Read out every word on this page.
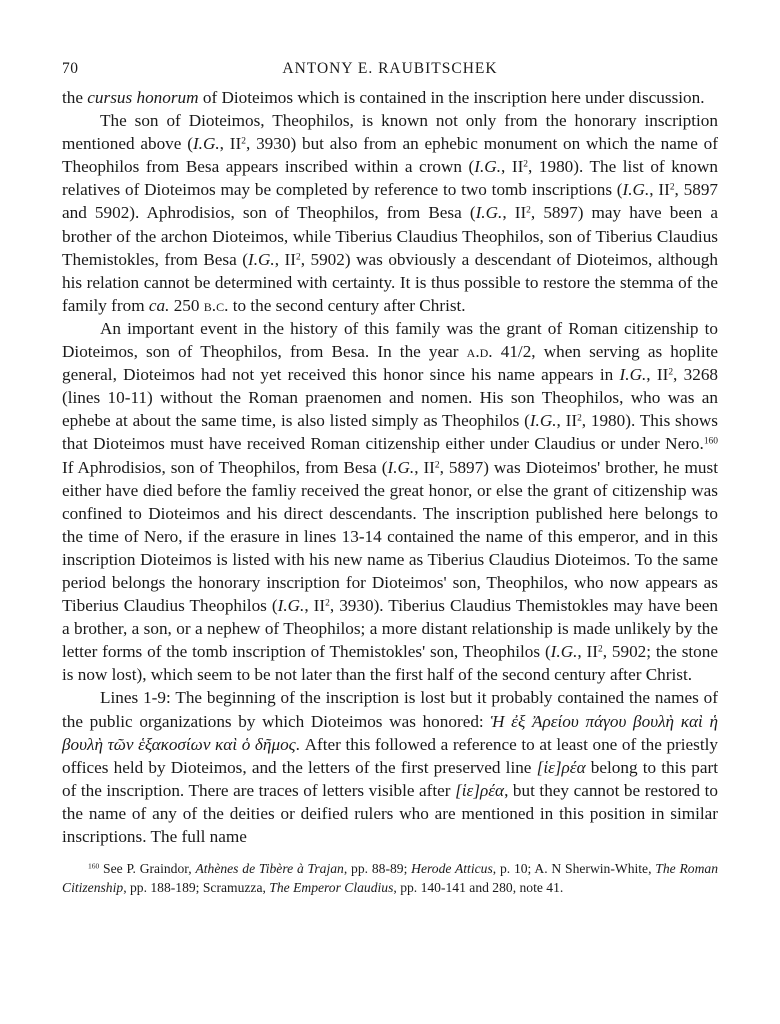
70	ANTONY E. RAUBITSCHEK

the cursus honorum of Dioteimos which is contained in the inscription here under discussion.

The son of Dioteimos, Theophilos, is known not only from the honorary inscription mentioned above (I.G., $II^2$, 3930) but also from an ephebic monument on which the name of Theophilos from Besa appears inscribed within a crown (I.G., $II^2$, 1980). The list of known relatives of Dioteimos may be completed by reference to two tomb inscriptions (I.G., $II^2$, 5897 and 5902). Aphrodisios, son of Theophilos, from Besa (I.G., $II^2$, 5897) may have been a brother of the archon Dioteimos, while Tiberius Claudius Theophilos, son of Tiberius Claudius Themistokles, from Besa (I.G., $II^2$, 5902) was obviously a descendant of Dioteimos, although his relation cannot be determined with certainty. It is thus possible to restore the stemma of the family from ca. 250 b.c. to the second century after Christ.

An important event in the history of this family was the grant of Roman citizenship to Dioteimos, son of Theophilos, from Besa. In the year a.d. 41/2, when serving as hoplite general, Dioteimos had not yet received this honor since his name appears in I.G., $II^2$, 3268 (lines 10-11) without the Roman praenomen and nomen. His son Theophilos, who was an ephebe at about the same time, is also listed simply as Theophilos (I.G., $II^2$, 1980). This shows that Dioteimos must have received Roman citizenship either under Claudius or under Nero.$^{160}$ If Aphrodisios, son of Theophilos, from Besa (I.G., $II^2$, 5897) was Dioteimos' brother, he must either have died before the famliy received the great honor, or else the grant of citizenship was confined to Dioteimos and his direct descendants. The inscription published here belongs to the time of Nero, if the erasure in lines 13-14 contained the name of this emperor, and in this inscription Dioteimos is listed with his new name as Tiberius Claudius Dioteimos. To the same period belongs the honorary inscription for Dioteimos' son, Theophilos, who now appears as Tiberius Claudius Theophilos (I.G., $II^2$, 3930). Tiberius Claudius Themistokles may have been a brother, a son, or a nephew of Theophilos; a more distant relationship is made unlikely by the letter forms of the tomb inscription of Themistokles' son, Theophilos (I.G., $II^2$, 5902; the stone is now lost), which seem to be not later than the first half of the second century after Christ.

Lines 1-9: The beginning of the inscription is lost but it probably contained the names of the public organizations by which Dioteimos was honored: Ἡ ἐξ Ἀρείου πάγου βουλὴ καὶ ἡ βουλὴ τῶν ἑξακοσίων καὶ ὁ δῆμος. After this followed a reference to at least one of the priestly offices held by Dioteimos, and the letters of the first preserved line [ἱε]ρέα belong to this part of the inscription. There are traces of letters visible after [ἱε]ρέα, but they cannot be restored to the name of any of the deities or deified rulers who are mentioned in this position in similar inscriptions. The full name

$^{160}$ See P. Graindor, Athènes de Tibère à Trajan, pp. 88-89; Herode Atticus, p. 10; A. N Sherwin-White, The Roman Citizenship, pp. 188-189; Scramuzza, The Emperor Claudius, pp. 140-141 and 280, note 41.
